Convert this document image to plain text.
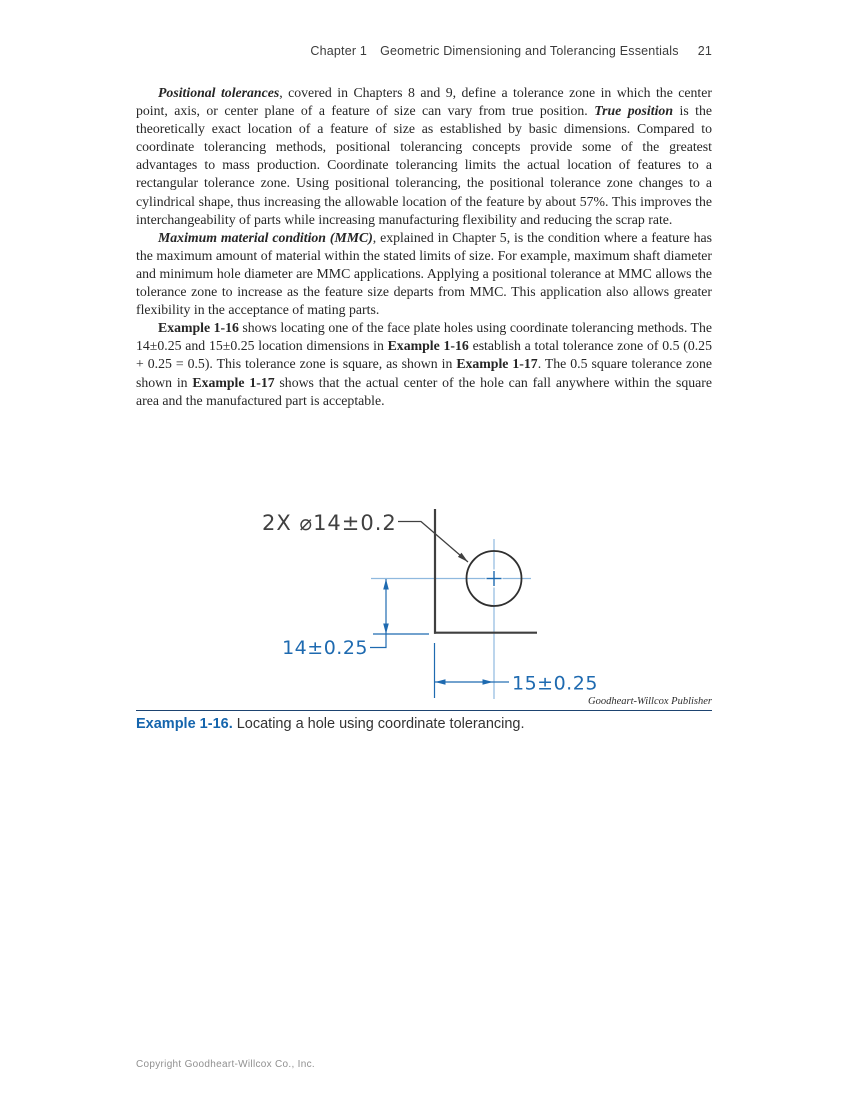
Chapter 1 Geometric Dimensioning and Tolerancing Essentials 21

Positional tolerances, covered in Chapters 8 and 9, define a tolerance zone in which the center point, axis, or center plane of a feature of size can vary from true position. True position is the theoretically exact location of a feature of size as established by basic dimensions. Compared to coordinate tolerancing methods, positional tolerancing concepts provide some of the greatest advantages to mass production. Coordinate tolerancing limits the actual location of features to a rectangular tolerance zone. Using positional tolerancing, the positional tolerance zone changes to a cylindrical shape, thus increasing the allowable location of the feature by about 57%. This improves the interchangeability of parts while increasing manufacturing flexibility and reducing the scrap rate.

Maximum material condition (MMC), explained in Chapter 5, is the condition where a feature has the maximum amount of material within the stated limits of size. For example, maximum shaft diameter and minimum hole diameter are MMC applications. Applying a positional tolerance at MMC allows the tolerance zone to increase as the feature size departs from MMC. This application also allows greater flexibility in the acceptance of mating parts.

Example 1-16 shows locating one of the face plate holes using coordinate tolerancing methods. The 14±0.25 and 15±0.25 location dimensions in Example 1-16 establish a total tolerance zone of 0.5 (0.25 + 0.25 = 0.5). This tolerance zone is square, as shown in Example 1-17. The 0.5 square tolerance zone shown in Example 1-17 shows that the actual center of the hole can fall anywhere within the square area and the manufactured part is acceptable.

2X ⌀14±0.2
14±0.25
15±0.25
Goodheart-Willcox Publisher
Example 1-16. Locating a hole using coordinate tolerancing.
Copyright Goodheart-Willcox Co., Inc.
